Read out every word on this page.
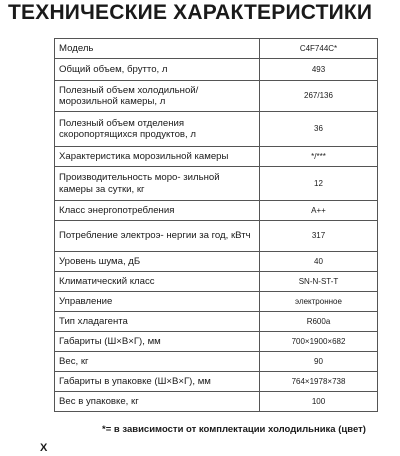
ТЕХНИЧЕСКИЕ ХАРАКТЕРИСТИКИ
Модель	C4F744C*
Общий объем, брутто, л	493
Полезный объем холодильной/ морозильной камеры, л	267/136
Полезный объем отделения скоропортящихся продуктов, л	36
Характеристика морозильной камеры	*/***
Производительность моро- зильной камеры за сутки, кг	12
Класс энергопотребления	A++
Потребление электроэ- нергии за год, кВтч	317
Уровень шума, дБ	40
Климатический класс	SN-N-ST-T
Управление	электронное
Тип хладагента	R600a
Габариты (Ш×В×Г), мм	700×1900×682
Вес, кг	90
Габариты в упаковке (Ш×В×Г), мм	764×1978×738
Вес в упаковке, кг	100
*= в зависимости от комплектации холодильника (цвет)
Х
